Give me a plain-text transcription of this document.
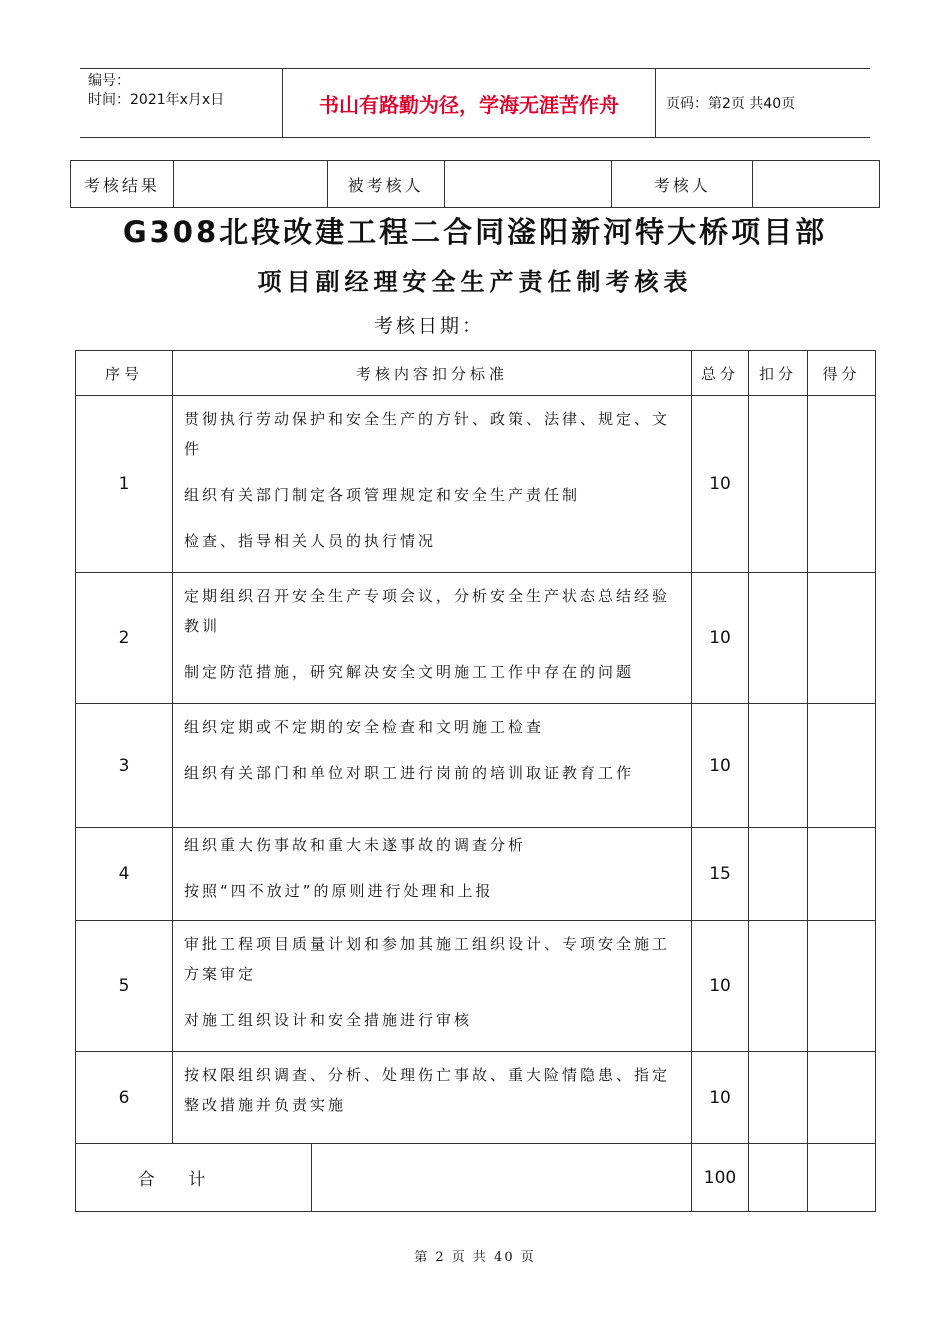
编号：
时间：2021年x月x日	书山有路勤为径，学海无涯苦作舟	页码：第2页 共40页
考核结果		被考核人		考核人	
G308北段改建工程二合同滏阳新河特大桥项目部
项目副经理安全生产责任制考核表
考核日期：
序号	考核内容扣分标准		总分	扣分	得分
1	贯彻执行劳动保护和安全生产的方针、政策、法律、规定、文件
组织有关部门制定各项管理规定和安全生产责任制
检查、指导相关人员的执行情况		10		
2	定期组织召开安全生产专项会议，分析安全生产状态总结经验教训
制定防范措施，研究解决安全文明施工工作中存在的问题		10		
3	组织定期或不定期的安全检查和文明施工检查
组织有关部门和单位对职工进行岗前的培训取证教育工作		10		
4	组织重大伤事故和重大未遂事故的调查分析
按照“四不放过”的原则进行处理和上报		15		
5	审批工程项目质量计划和参加其施工组织设计、专项安全施工方案审定
对施工组织设计和安全措施进行审核		10		
6	按权限组织调查、分析、处理伤亡事故、重大险情隐患、指定整改措施并负责实施		10		
合 计			100		
第 2 页 共 40 页
